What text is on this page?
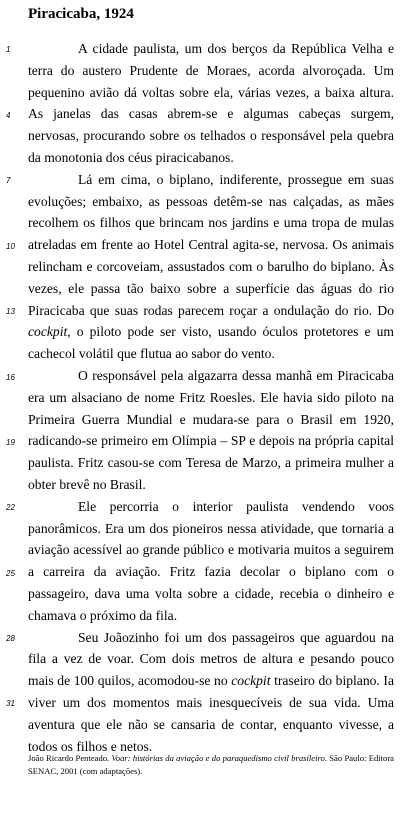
Piracicaba, 1924
1
4
7
10
13
16
19
22
25
28
31

A cidade paulista, um dos berços da República Velha e terra do austero Prudente de Moraes, acorda alvoroçada. Um pequenino avião dá voltas sobre ela, várias vezes, a baixa altura. As janelas das casas abrem-se e algumas cabeças surgem, nervosas, procurando sobre os telhados o responsável pela quebra da monotonia dos céus piracicabanos.

Lá em cima, o biplano, indiferente, prossegue em suas evoluções; embaixo, as pessoas detêm-se nas calçadas, as mães recolhem os filhos que brincam nos jardins e uma tropa de mulas atreladas em frente ao Hotel Central agita-se, nervosa. Os animais relincham e corcoveiam, assustados com o barulho do biplano. Às vezes, ele passa tão baixo sobre a superfície das águas do rio Piracicaba que suas rodas parecem roçar a ondulação do rio. Do cockpit, o piloto pode ser visto, usando óculos protetores e um cachecol volátil que flutua ao sabor do vento.

O responsável pela algazarra dessa manhã em Piracicaba era um alsaciano de nome Fritz Roesles. Ele havia sido piloto na Primeira Guerra Mundial e mudara-se para o Brasil em 1920, radicando-se primeiro em Olímpia – SP e depois na própria capital paulista. Fritz casou-se com Teresa de Marzo, a primeira mulher a obter brevê no Brasil.

Ele percorria o interior paulista vendendo voos panorâmicos. Era um dos pioneiros nessa atividade, que tornaria a aviação acessível ao grande público e motivaria muitos a seguirem a carreira da aviação. Fritz fazia decolar o biplano com o passageiro, dava uma volta sobre a cidade, recebia o dinheiro e chamava o próximo da fila.

Seu Joãozinho foi um dos passageiros que aguardou na fila a vez de voar. Com dois metros de altura e pesando pouco mais de 100 quilos, acomodou-se no cockpit traseiro do biplano. Ia viver um dos momentos mais inesquecíveis de sua vida. Uma aventura que ele não se cansaria de contar, enquanto vivesse, a todos os filhos e netos.

João Ricardo Penteado. Voar: histórias da aviação e do paraquedismo civil brasileiro. São Paulo: Editora SENAC, 2001 (com adaptações).
